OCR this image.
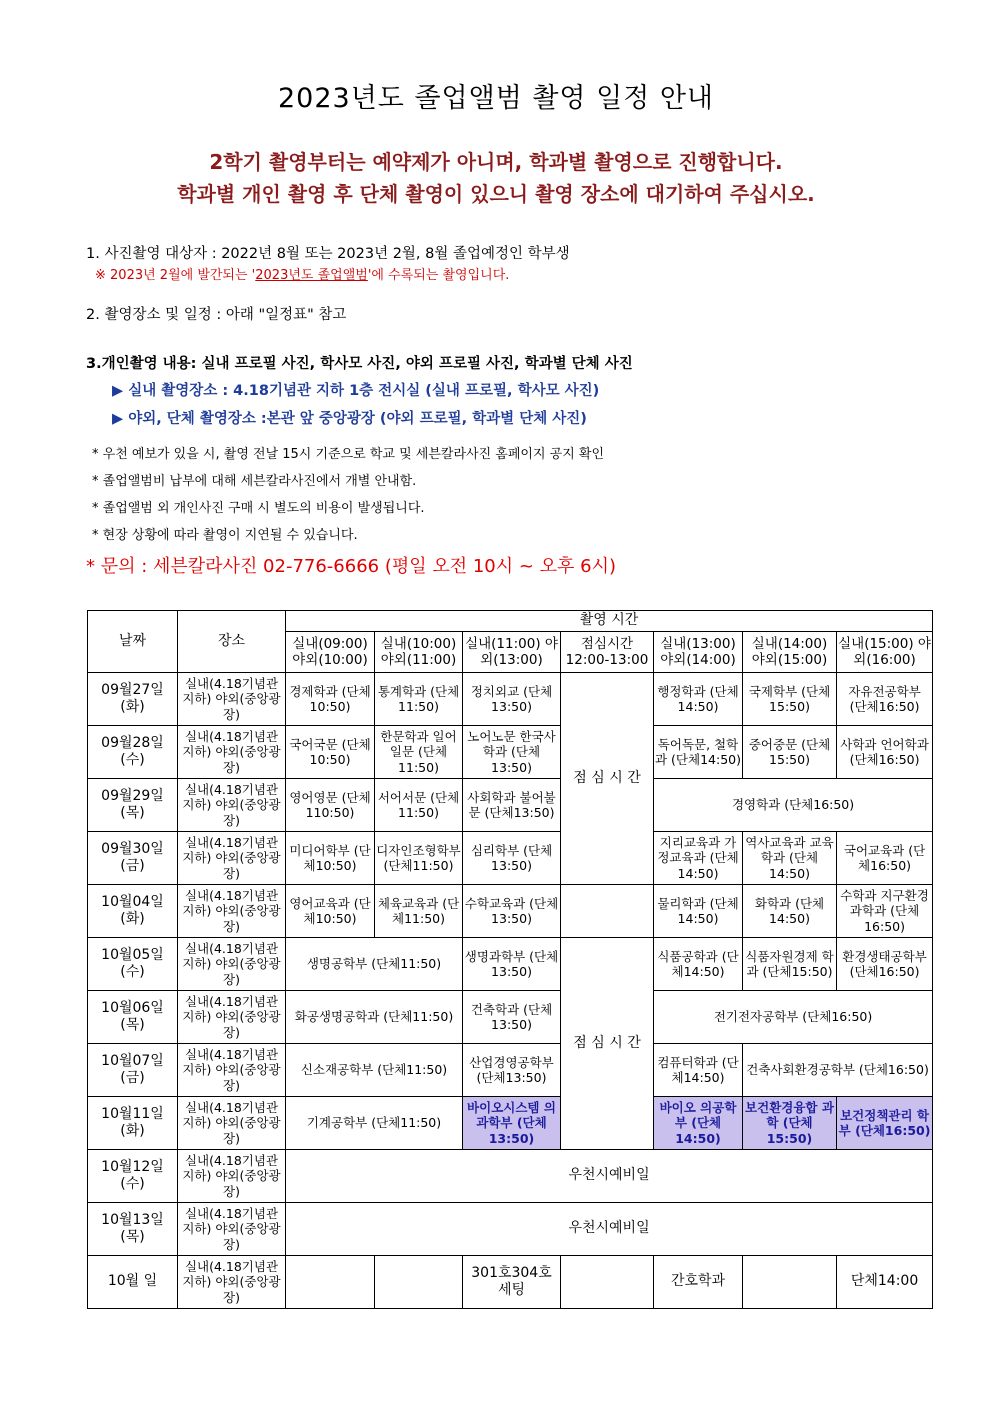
2023년도 졸업앨범 촬영 일정 안내
2학기 촬영부터는 예약제가 아니며, 학과별 촬영으로 진행합니다.
학과별 개인 촬영 후 단체 촬영이 있으니 촬영 장소에 대기하여 주십시오.
1. 사진촬영 대상자 : 2022년 8월 또는 2023년 2월, 8월 졸업예정인 학부생
※ 2023년 2월에 발간되는 '2023년도 졸업앨범'에 수록되는 촬영입니다.
2. 촬영장소 및 일정 : 아래 "일정표" 참고
3.개인촬영 내용: 실내 프로필 사진, 학사모 사진, 야외 프로필 사진, 학과별 단체 사진
▶ 실내 촬영장소 : 4.18기념관 지하 1층 전시실 (실내 프로필, 학사모 사진)
▶ 야외, 단체 촬영장소 :본관 앞 중앙광장 (야외 프로필, 학과별 단체 사진)
* 우천 예보가 있을 시, 촬영 전날 15시 기준으로 학교 및 세븐칼라사진 홈페이지 공지 확인
* 졸업앨범비 납부에 대해 세븐칼라사진에서 개별 안내함.
* 졸업앨범 외 개인사진 구매 시 별도의 비용이 발생됩니다.
* 현장 상황에 따라 촬영이 지연될 수 있습니다.
* 문의 : 세븐칼라사진 02-776-6666 (평일 오전 10시 ~ 오후 6시)
날짜	장소	촬영 시간						
		실내(09:00) 야외(10:00)	실내(10:00) 야외(11:00)	실내(11:00) 야외(13:00)	점심시간 12:00-13:00	실내(13:00) 야외(14:00)	실내(14:00) 야외(15:00)	실내(15:00) 야외(16:00)
09월27일(화)	실내(4.18기념관 지하) 야외(중앙광장)	경제학과 (단체10:50)	통계학과 (단체11:50)	정치외교 (단체13:50)	점 심 시 간	행정학과 (단체14:50)	국제학부 (단체15:50)	자유전공학부 (단체16:50)
09월28일(수)	실내(4.18기념관 지하) 야외(중앙광장)	국어국문 (단체10:50)	한문학과 일어일문 (단체11:50)	노어노문 한국사학과 (단체13:50)		독어독문, 철학과 (단체14:50)	중어중문 (단체15:50)	사학과 언어학과 (단체16:50)
09월29일(목)	실내(4.18기념관 지하) 야외(중앙광장)	영어영문 (단체110:50)	서어서문 (단체11:50)	사회학과 불어불문 (단체13:50)		경영학과 (단체16:50)		
09월30일(금)	실내(4.18기념관 지하) 야외(중앙광장)	미디어학부 (단체10:50)	디자인조형학부 (단체11:50)	심리학부 (단체13:50)		지리교육과 가정교육과 (단체14:50)	역사교육과 교육학과 (단체14:50)	국어교육과 (단체16:50)
10월04일(화)	실내(4.18기념관 지하) 야외(중앙광장)	영어교육과 (단체10:50)	체육교육과 (단체11:50)	수학교육과 (단체13:50)		물리학과 (단체14:50)	화학과 (단체14:50)	수학과 지구환경과학과 (단체16:50)
10월05일(수)	실내(4.18기념관 지하) 야외(중앙광장)	생명공학부 (단체11:50)		생명과학부 (단체13:50)	점 심 시 간	식품공학과 (단체14:50)	식품자원경제 학과 (단체15:50)	환경생태공학부 (단체16:50)
10월06일(목)	실내(4.18기념관 지하) 야외(중앙광장)	화공생명공학과 (단체11:50)		건축학과 (단체13:50)		전기전자공학부 (단체16:50)		
10월07일(금)	실내(4.18기념관 지하) 야외(중앙광장)	신소재공학부 (단체11:50)		산업경영공학부 (단체13:50)		컴퓨터학과 (단체14:50)	건축사회환경공학부 (단체16:50)	
10월11일(화)	실내(4.18기념관 지하) 야외(중앙광장)	기계공학부 (단체11:50)		바이오시스템 의과학부 (단체13:50)		바이오 의공학부 (단체14:50)	보건환경융합 과학 (단체15:50)	보건정책관리 학부 (단체16:50)
10월12일(수)	실내(4.18기념관 지하) 야외(중앙광장)	우천시예비일						
10월13일(목)	실내(4.18기념관 지하) 야외(중앙광장)	우천시예비일						
10월 일	실내(4.18기념관 지하) 야외(중앙광장)			301호304호 세팅		간호학과		단체14:00
